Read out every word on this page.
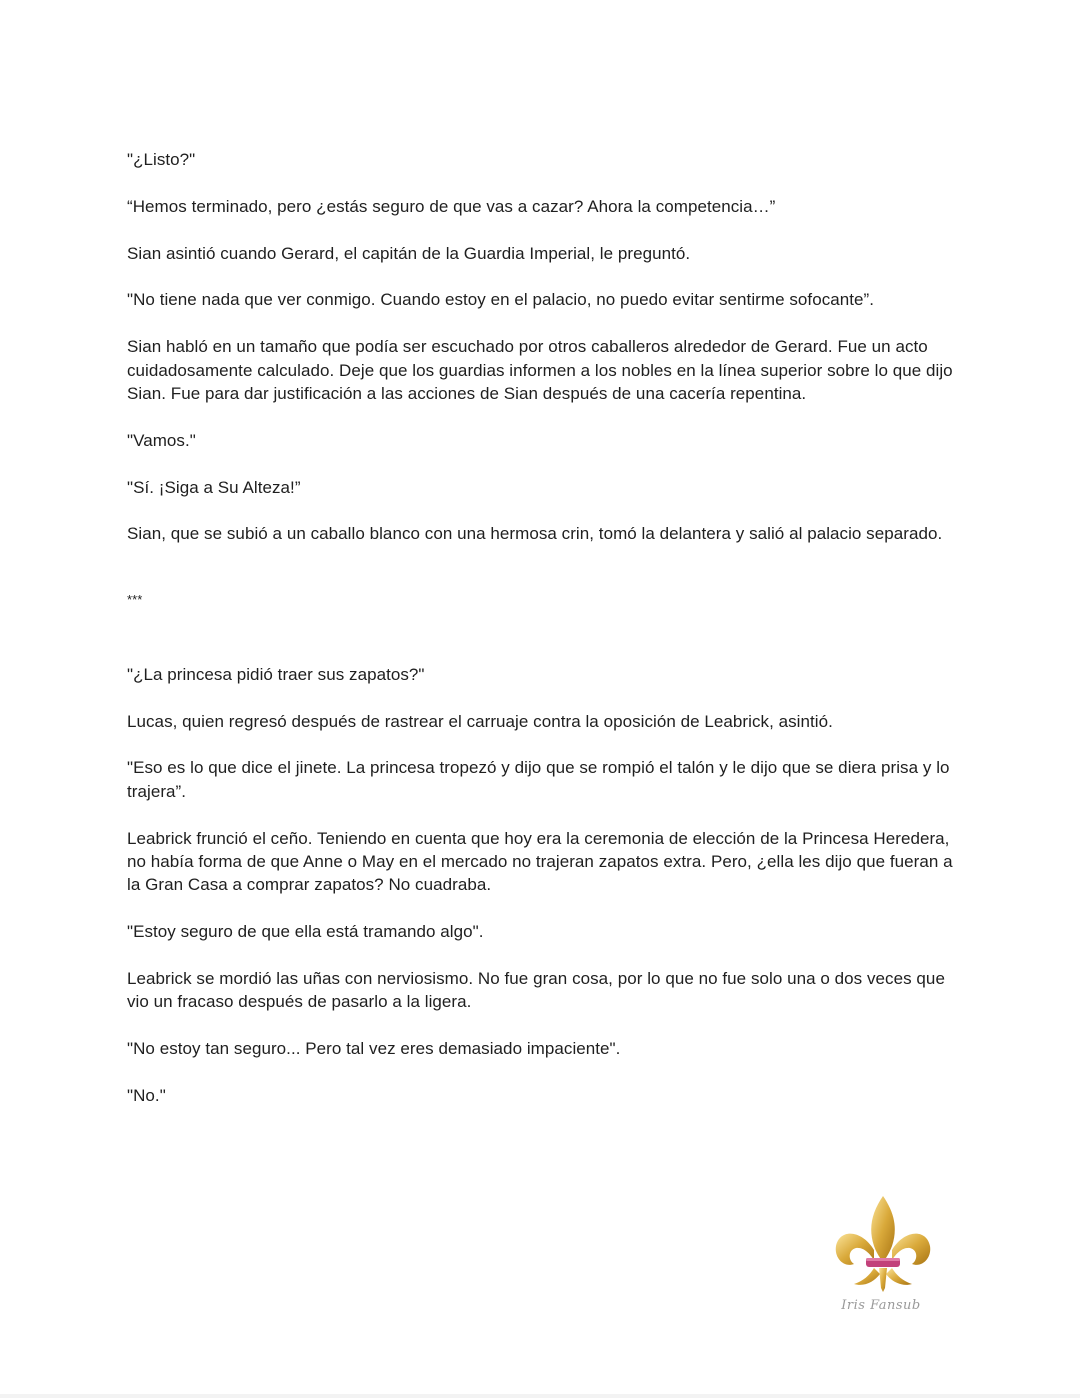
"¿Listo?"

“Hemos terminado, pero ¿estás seguro de que vas a cazar? Ahora la competencia…”

Sian asintió cuando Gerard, el capitán de la Guardia Imperial, le preguntó.

"No tiene nada que ver conmigo. Cuando estoy en el palacio, no puedo evitar sentirme sofocante”.

Sian habló en un tamaño que podía ser escuchado por otros caballeros alrededor de Gerard. Fue un acto cuidadosamente calculado. Deje que los guardias informen a los nobles en la línea superior sobre lo que dijo Sian. Fue para dar justificación a las acciones de Sian después de una cacería repentina.

"Vamos."

"Sí. ¡Siga a Su Alteza!”

Sian, que se subió a un caballo blanco con una hermosa crin, tomó la delantera y salió al palacio separado.

***

"¿La princesa pidió traer sus zapatos?"

Lucas, quien regresó después de rastrear el carruaje contra la oposición de Leabrick, asintió.

"Eso es lo que dice el jinete. La princesa tropezó y dijo que se rompió el talón y le dijo que se diera prisa y lo trajera”.

Leabrick frunció el ceño. Teniendo en cuenta que hoy era la ceremonia de elección de la Princesa Heredera, no había forma de que Anne o May en el mercado no trajeran zapatos extra. Pero, ¿ella les dijo que fueran a la Gran Casa a comprar zapatos? No cuadraba.

"Estoy seguro de que ella está tramando algo".

Leabrick se mordió las uñas con nerviosismo. No fue gran cosa, por lo que no fue solo una o dos veces que vio un fracaso después de pasarlo a la ligera.

"No estoy tan seguro... Pero tal vez eres demasiado impaciente".

"No."

Iris Fansub
